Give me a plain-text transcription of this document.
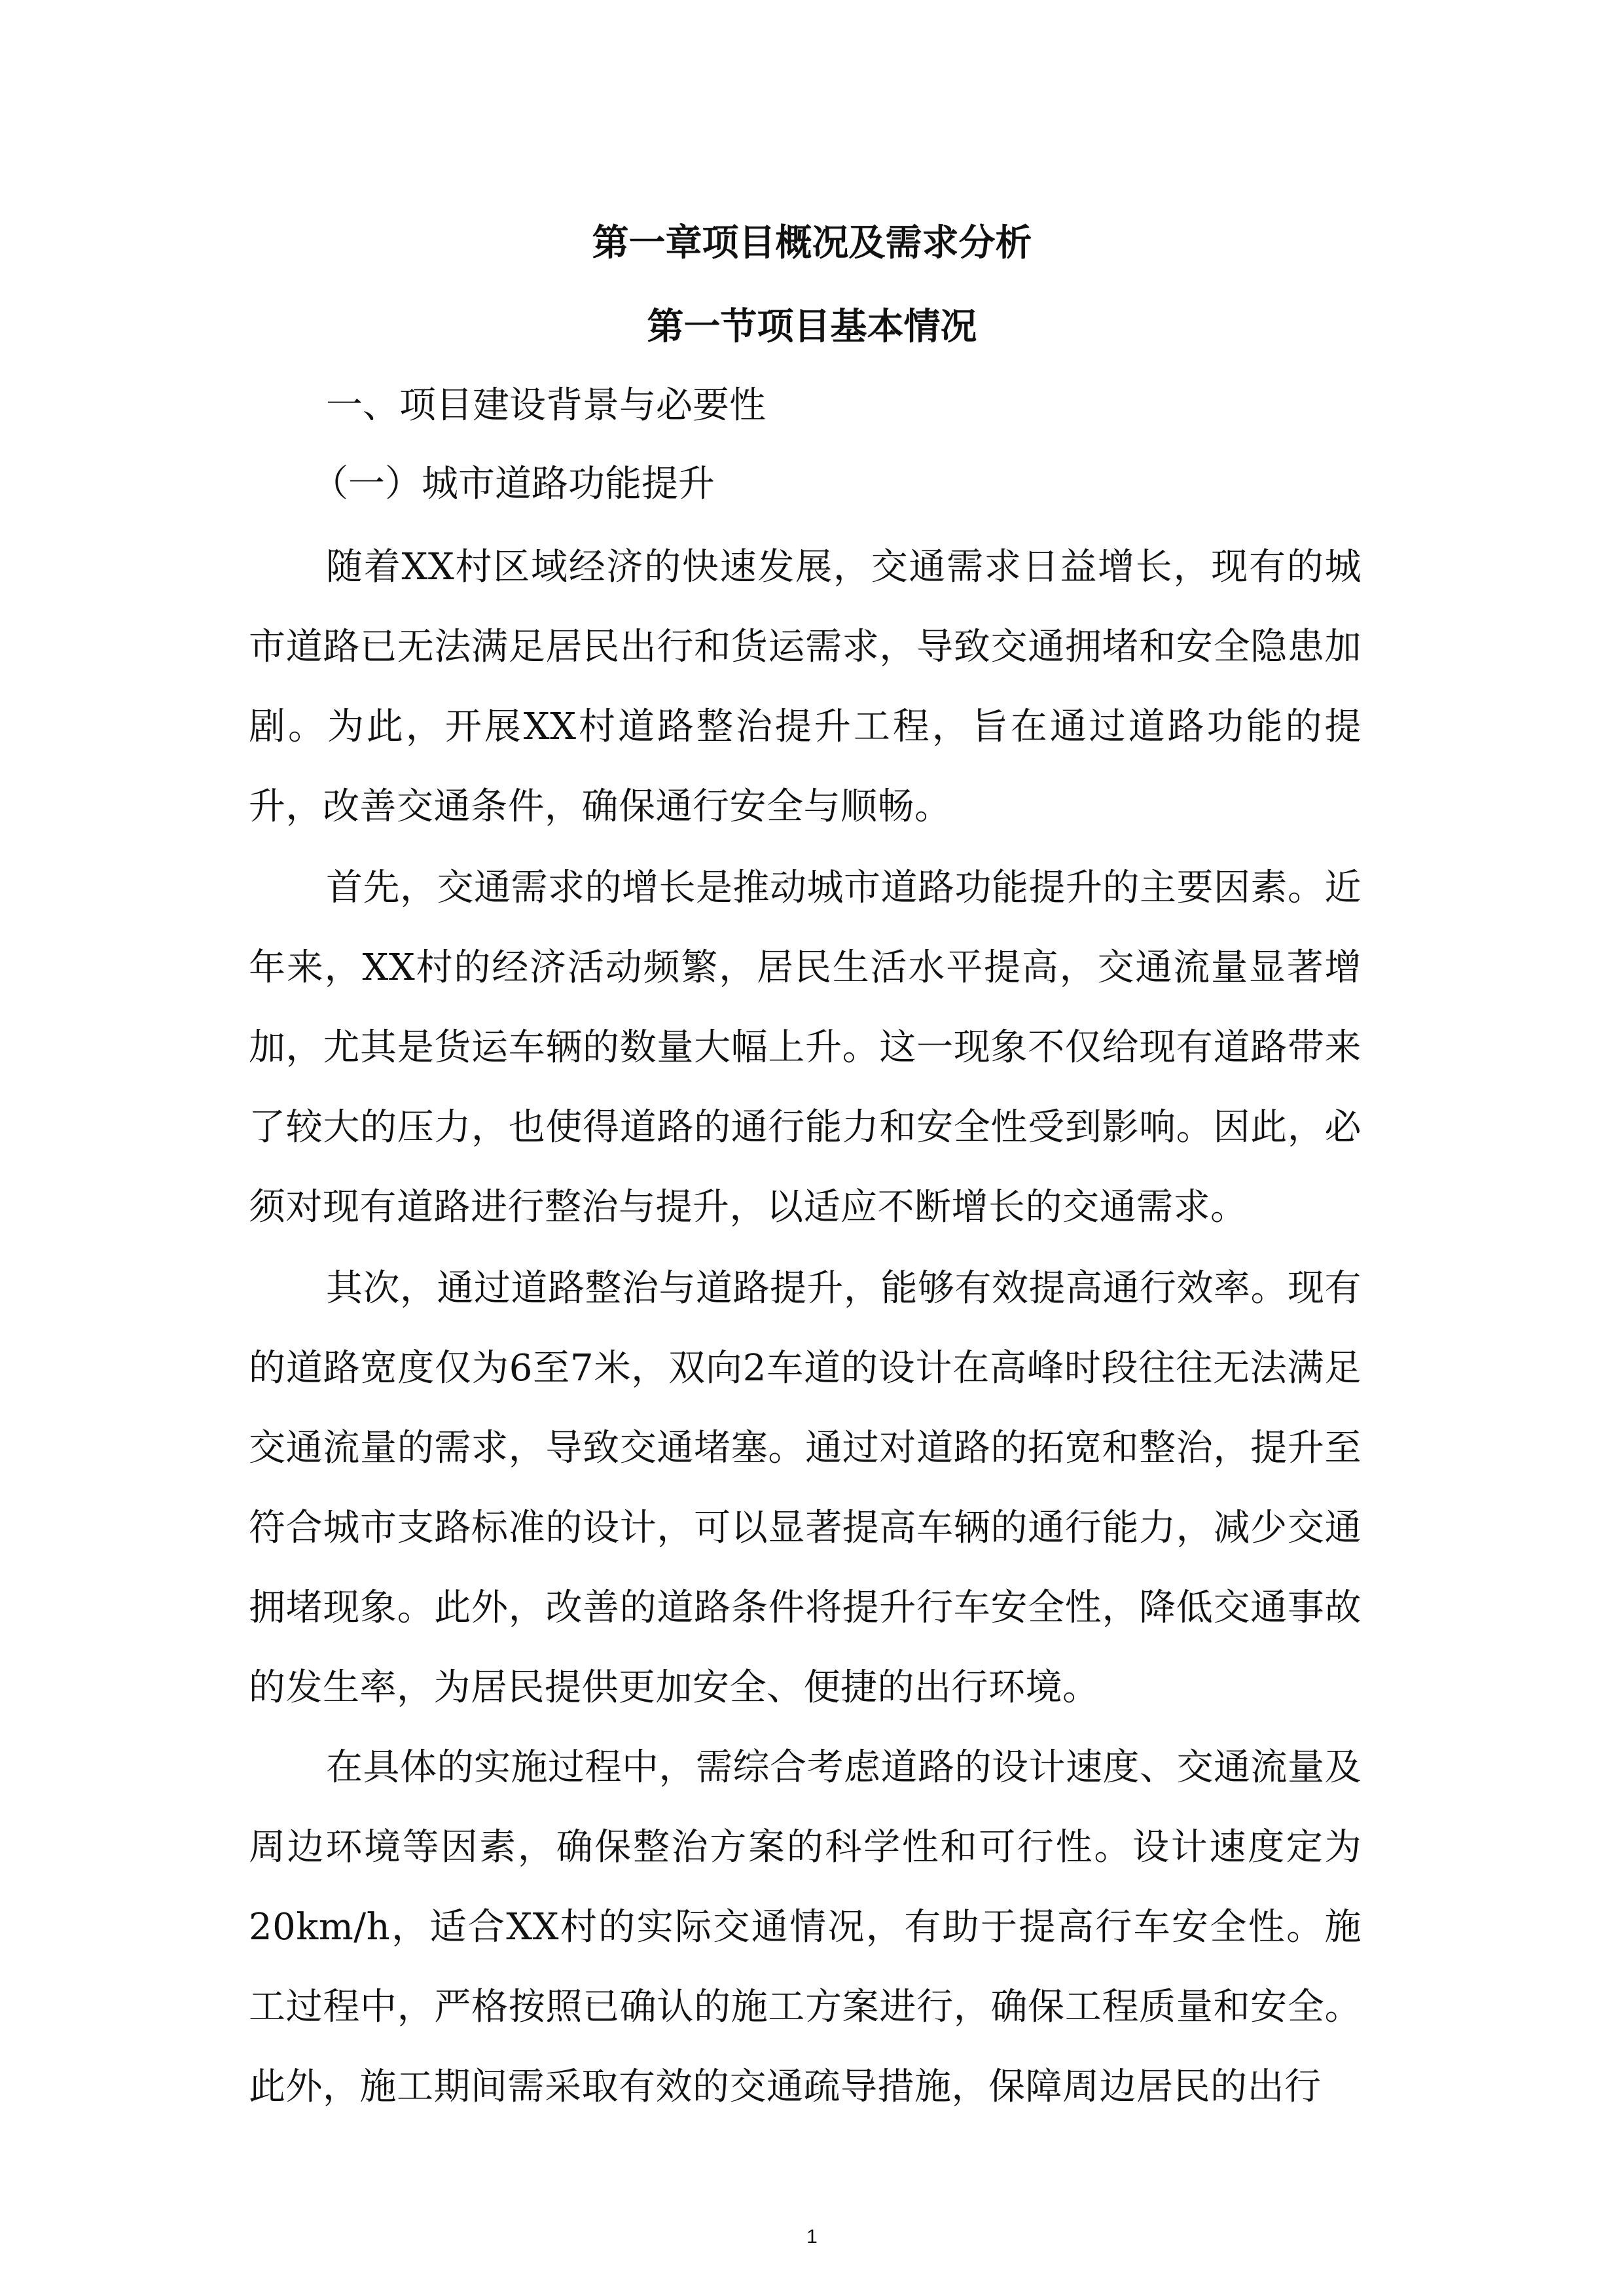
第一章项目概况及需求分析
第一节项目基本情况
一、项目建设背景与必要性
（一）城市道路功能提升

随着XX村区域经济的快速发展，交通需求日益增长，现有的城市道路已无法满足居民出行和货运需求，导致交通拥堵和安全隐患加剧。为此，开展XX村道路整治提升工程，旨在通过道路功能的提升，改善交通条件，确保通行安全与顺畅。

首先，交通需求的增长是推动城市道路功能提升的主要因素。近年来，XX村的经济活动频繁，居民生活水平提高，交通流量显著增加，尤其是货运车辆的数量大幅上升。这一现象不仅给现有道路带来了较大的压力，也使得道路的通行能力和安全性受到影响。因此，必须对现有道路进行整治与提升，以适应不断增长的交通需求。

其次，通过道路整治与道路提升，能够有效提高通行效率。现有的道路宽度仅为6至7米，双向2车道的设计在高峰时段往往无法满足交通流量的需求，导致交通堵塞。通过对道路的拓宽和整治，提升至符合城市支路标准的设计，可以显著提高车辆的通行能力，减少交通拥堵现象。此外，改善的道路条件将提升行车安全性，降低交通事故的发生率，为居民提供更加安全、便捷的出行环境。

在具体的实施过程中，需综合考虑道路的设计速度、交通流量及周边环境等因素，确保整治方案的科学性和可行性。设计速度定为20km/h，适合XX村的实际交通情况，有助于提高行车安全性。施工过程中，严格按照已确认的施工方案进行，确保工程质量和安全。此外，施工期间需采取有效的交通疏导措施，保障周边居民的出行

1
